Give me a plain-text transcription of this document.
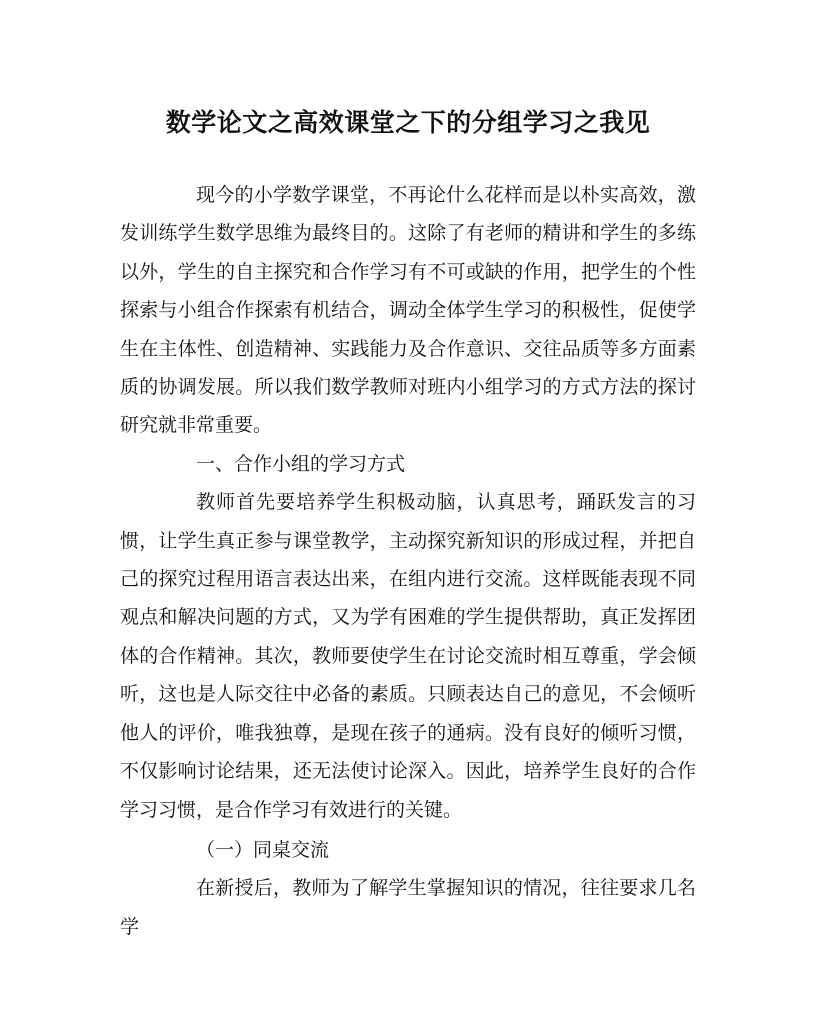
数学论文之高效课堂之下的分组学习之我见

现今的小学数学课堂，不再论什么花样而是以朴实高效，激发训练学生数学思维为最终目的。这除了有老师的精讲和学生的多练以外，学生的自主探究和合作学习有不可或缺的作用，把学生的个性探索与小组合作探索有机结合，调动全体学生学习的积极性，促使学生在主体性、创造精神、实践能力及合作意识、交往品质等多方面素质的协调发展。所以我们数学教师对班内小组学习的方式方法的探讨研究就非常重要。

一、合作小组的学习方式

教师首先要培养学生积极动脑，认真思考，踊跃发言的习惯，让学生真正参与课堂教学，主动探究新知识的形成过程，并把自己的探究过程用语言表达出来，在组内进行交流。这样既能表现不同观点和解决问题的方式，又为学有困难的学生提供帮助，真正发挥团体的合作精神。其次，教师要使学生在讨论交流时相互尊重，学会倾听，这也是人际交往中必备的素质。只顾表达自己的意见，不会倾听他人的评价，唯我独尊，是现在孩子的通病。没有良好的倾听习惯，不仅影响讨论结果，还无法使讨论深入。因此，培养学生良好的合作学习习惯，是合作学习有效进行的关键。

（一）同桌交流

在新授后，教师为了解学生掌握知识的情况，往往要求几名学
